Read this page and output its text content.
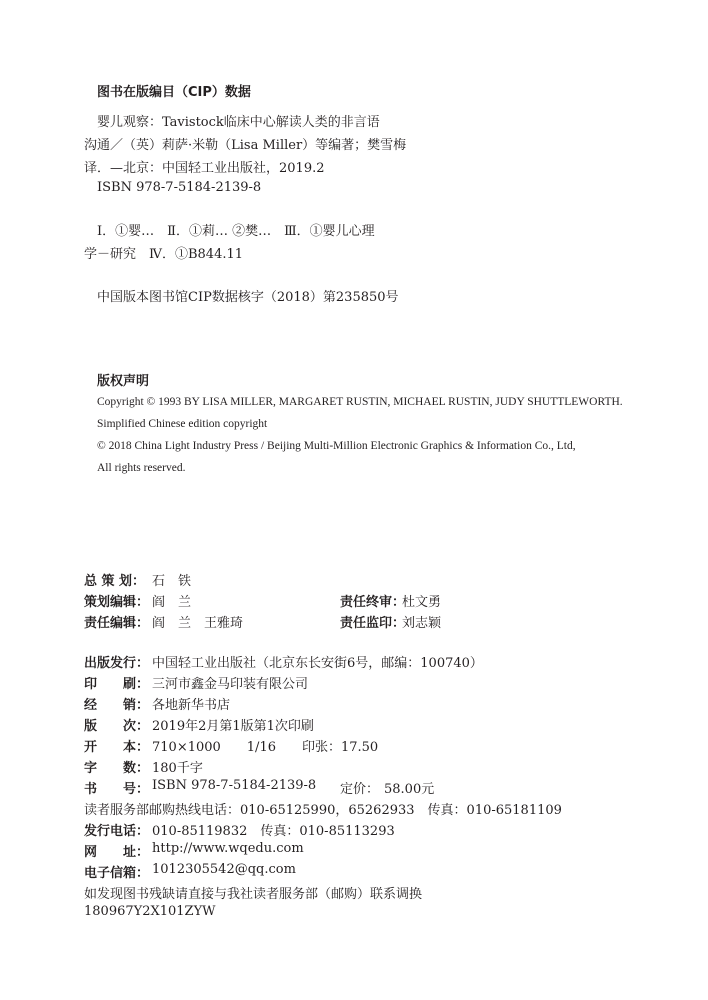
图书在版编目（CIP）数据
婴儿观察：Tavistock临床中心解读人类的非言语
沟通／（英）莉萨·米勒（Lisa Miller）等编著；樊雪梅
译．—北京：中国轻工业出版社，2019.2
ISBN 978-7-5184-2139-8
Ⅰ．①婴…　Ⅱ．①莉… ②樊…　Ⅲ．①婴儿心理
学－研究　Ⅳ．①B844.11
中国版本图书馆CIP数据核字（2018）第235850号
版权声明
Copyright © 1993 BY LISA MILLER, MARGARET RUSTIN, MICHAEL RUSTIN, JUDY SHUTTLEWORTH.
Simplified Chinese edition copyright
© 2018 China Light Industry Press / Beijing Multi-Million Electronic Graphics & Information Co., Ltd,
All rights reserved.
总 策 划： 石　铁
策划编辑： 阎　兰	责任终审：
杜文勇
责任编辑： 阎　兰　王雅琦	责任监印：
刘志颖
出版发行： 中国轻工业出版社（北京东长安街6号，邮编：100740）
印　　刷： 三河市鑫金马印装有限公司
经　　销： 各地新华书店
版　　次： 2019年2月第1版第1次印刷
开　　本： 710×1000　　1/16　　印张：17.50
字　　数： 180千字
书　　号： ISBN 978-7-5184-2139-8 定价： 58.00元
读者服务部邮购热线电话：010-65125990，65262933　传真：010-65181109
发行电话： 010-85119832　传真：010-85113293
网　　址： http://www.wqedu.com
电子信箱： 1012305542@qq.com
如发现图书残缺请直接与我社读者服务部（邮购）联系调换
180967Y2X101ZYW
